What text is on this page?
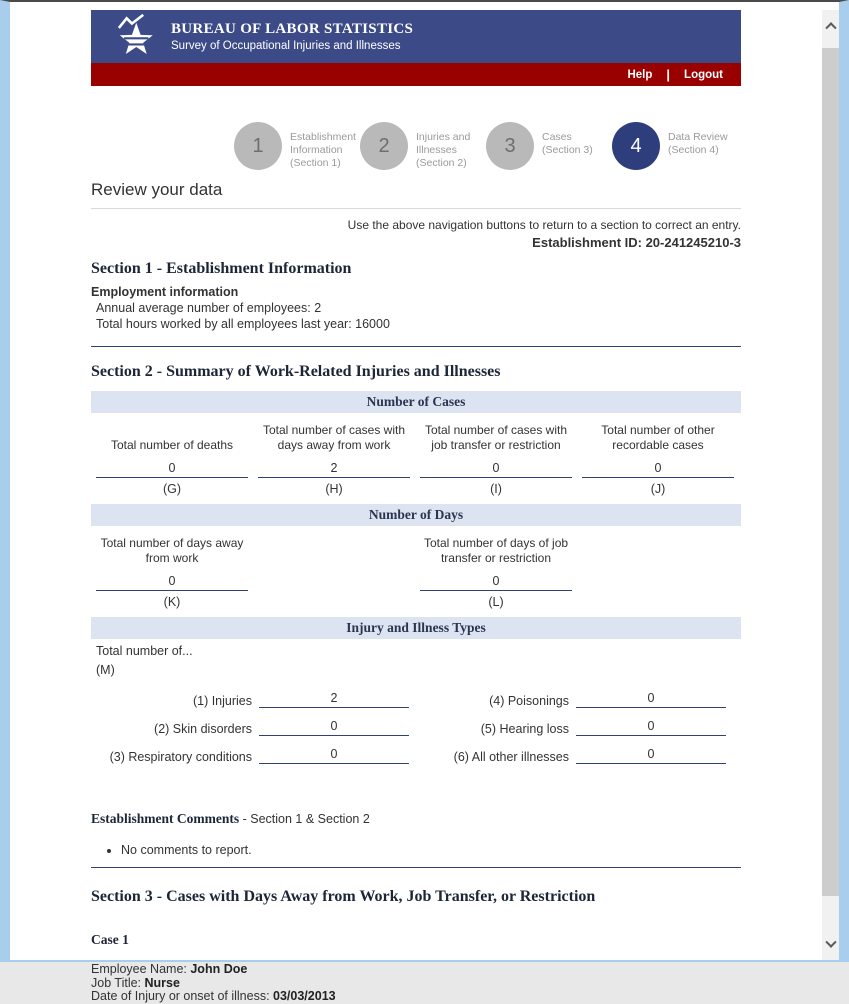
BUREAU OF LABOR STATISTICS
Survey of Occupational Injuries and Illnesses
Help | Logout
1	Establishment Information
(Section 1)
2	Injuries and Illnesses
(Section 2)
3	Cases
(Section 3)	4	Data Review
(Section 4)
Review your data
Use the above navigation buttons to return to a section to correct an entry.
Establishment ID: 20-241245210-3
Section 1 - Establishment Information
Employment information
Annual average number of employees: 2
Total hours worked by all employees last year: 16000
Section 2 - Summary of Work-Related Injuries and Illnesses
Number of Cases
Total number of deaths
0
(G)
Total number of cases with days away from work
2
(H)
Total number of cases with job transfer or restriction
0
(I)
Total number of other recordable cases
0
(J)
Number of Days
Total number of days away from work
0
(K)
Total number of days of job transfer or restriction
0
(L)
Injury and Illness Types
Total number of...
(M)
(1) Injuries	2
(2) Skin disorders	0
(3) Respiratory conditions	0
(4) Poisonings	0
(5) Hearing loss	0
(6) All other illnesses	0
Establishment Comments - Section 1 & Section 2
• No comments to report.
Section 3 - Cases with Days Away from Work, Job Transfer, or Restriction
Case 1
Employee Name: John Doe
Job Title: Nurse
Date of Injury or onset of illness: 03/03/2013
